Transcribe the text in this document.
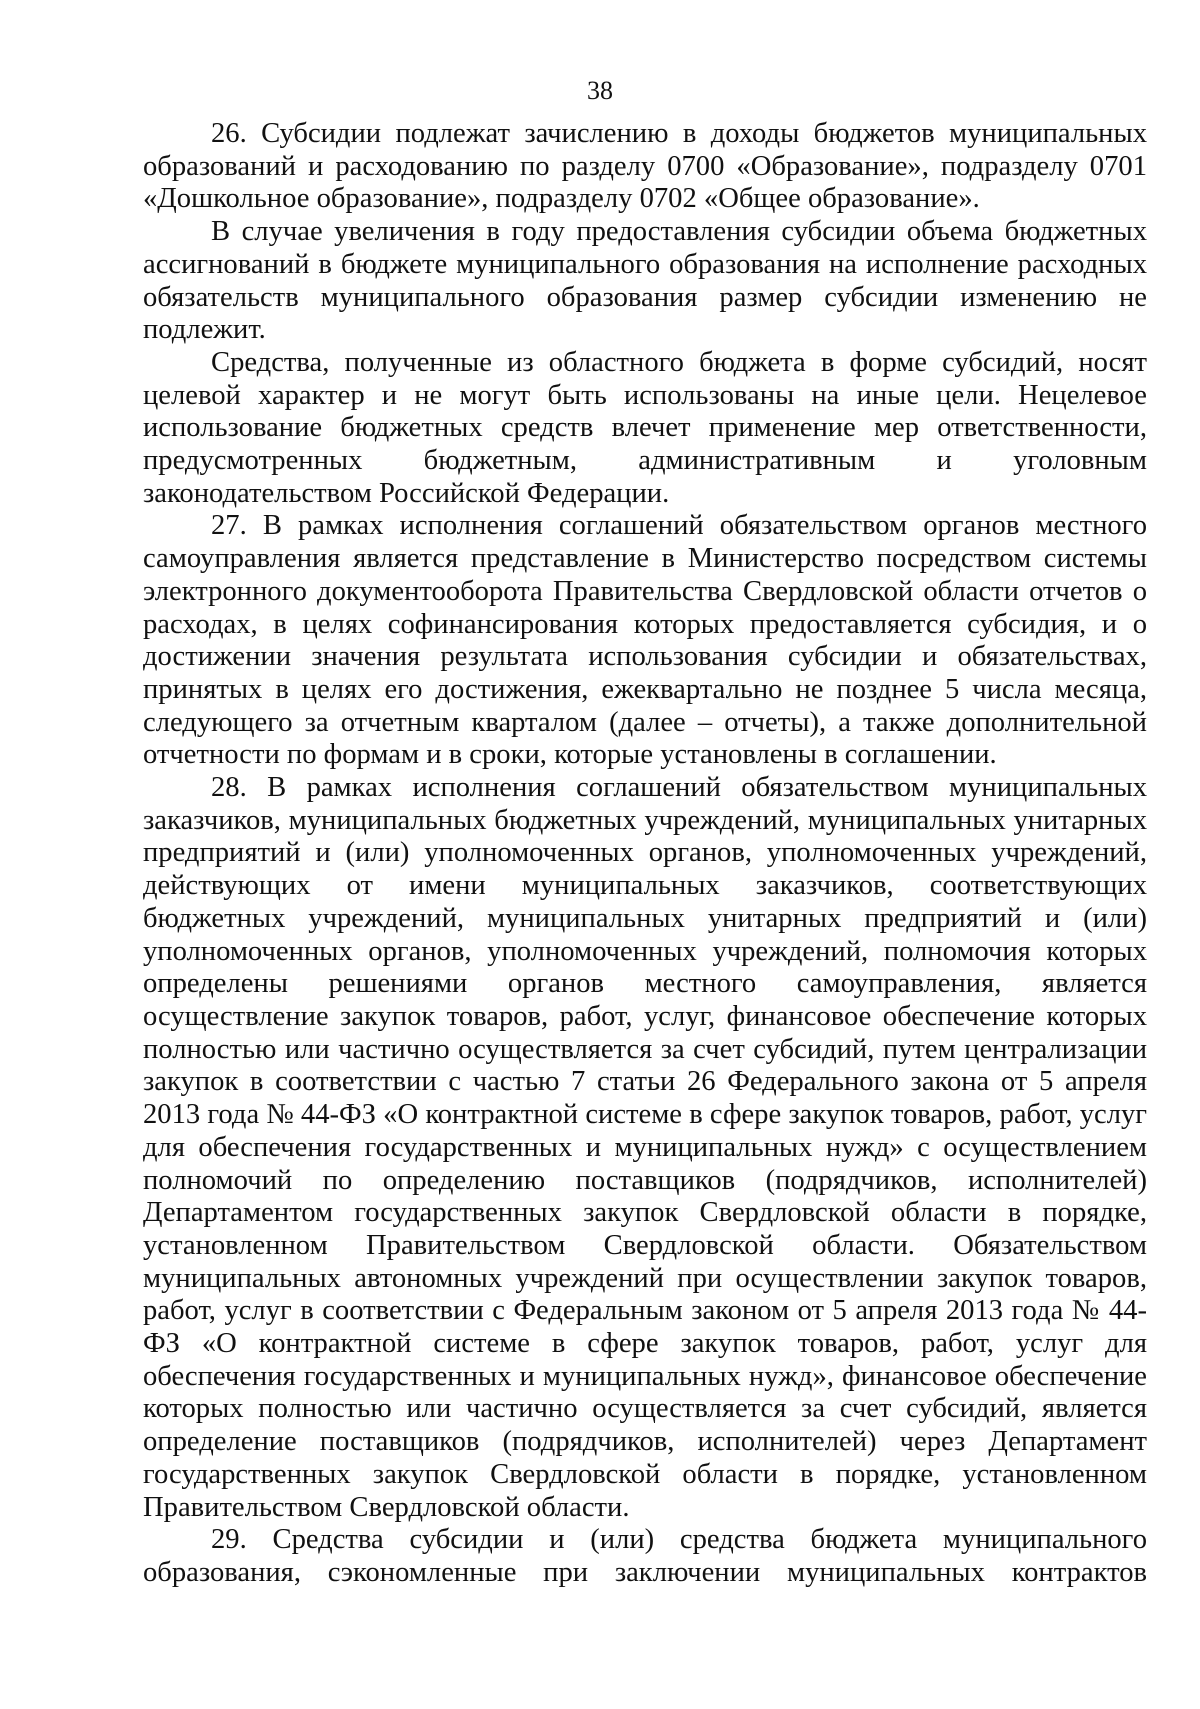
38

26. Субсидии подлежат зачислению в доходы бюджетов муниципальных образований и расходованию по разделу 0700 «Образование», подразделу 0701 «Дошкольное образование», подразделу 0702 «Общее образование».

В случае увеличения в году предоставления субсидии объема бюджетных ассигнований в бюджете муниципального образования на исполнение расходных обязательств муниципального образования размер субсидии изменению не подлежит.

Средства, полученные из областного бюджета в форме субсидий, носят целевой характер и не могут быть использованы на иные цели. Нецелевое использование бюджетных средств влечет применение мер ответственности, предусмотренных бюджетным, административным и уголовным законодательством Российской Федерации.

27. В рамках исполнения соглашений обязательством органов местного самоуправления является представление в Министерство посредством системы электронного документооборота Правительства Свердловской области отчетов о расходах, в целях софинансирования которых предоставляется субсидия, и о достижении значения результата использования субсидии и обязательствах, принятых в целях его достижения, ежеквартально не позднее 5 числа месяца, следующего за отчетным кварталом (далее – отчеты), а также дополнительной отчетности по формам и в сроки, которые установлены в соглашении.

28. В рамках исполнения соглашений обязательством муниципальных заказчиков, муниципальных бюджетных учреждений, муниципальных унитарных предприятий и (или) уполномоченных органов, уполномоченных учреждений, действующих от имени муниципальных заказчиков, соответствующих бюджетных учреждений, муниципальных унитарных предприятий и (или) уполномоченных органов, уполномоченных учреждений, полномочия которых определены решениями органов местного самоуправления, является осуществление закупок товаров, работ, услуг, финансовое обеспечение которых полностью или частично осуществляется за счет субсидий, путем централизации закупок в соответствии с частью 7 статьи 26 Федерального закона от 5 апреля 2013 года № 44-ФЗ «О контрактной системе в сфере закупок товаров, работ, услуг для обеспечения государственных и муниципальных нужд» с осуществлением полномочий по определению поставщиков (подрядчиков, исполнителей) Департаментом государственных закупок Свердловской области в порядке, установленном Правительством Свердловской области. Обязательством муниципальных автономных учреждений при осуществлении закупок товаров, работ, услуг в соответствии с Федеральным законом от 5 апреля 2013 года № 44-ФЗ «О контрактной системе в сфере закупок товаров, работ, услуг для обеспечения государственных и муниципальных нужд», финансовое обеспечение которых полностью или частично осуществляется за счет субсидий, является определение поставщиков (подрядчиков, исполнителей) через Департамент государственных закупок Свердловской области в порядке, установленном Правительством Свердловской области.

29. Средства субсидии и (или) средства бюджета муниципального образования, сэкономленные при заключении муниципальных контрактов
